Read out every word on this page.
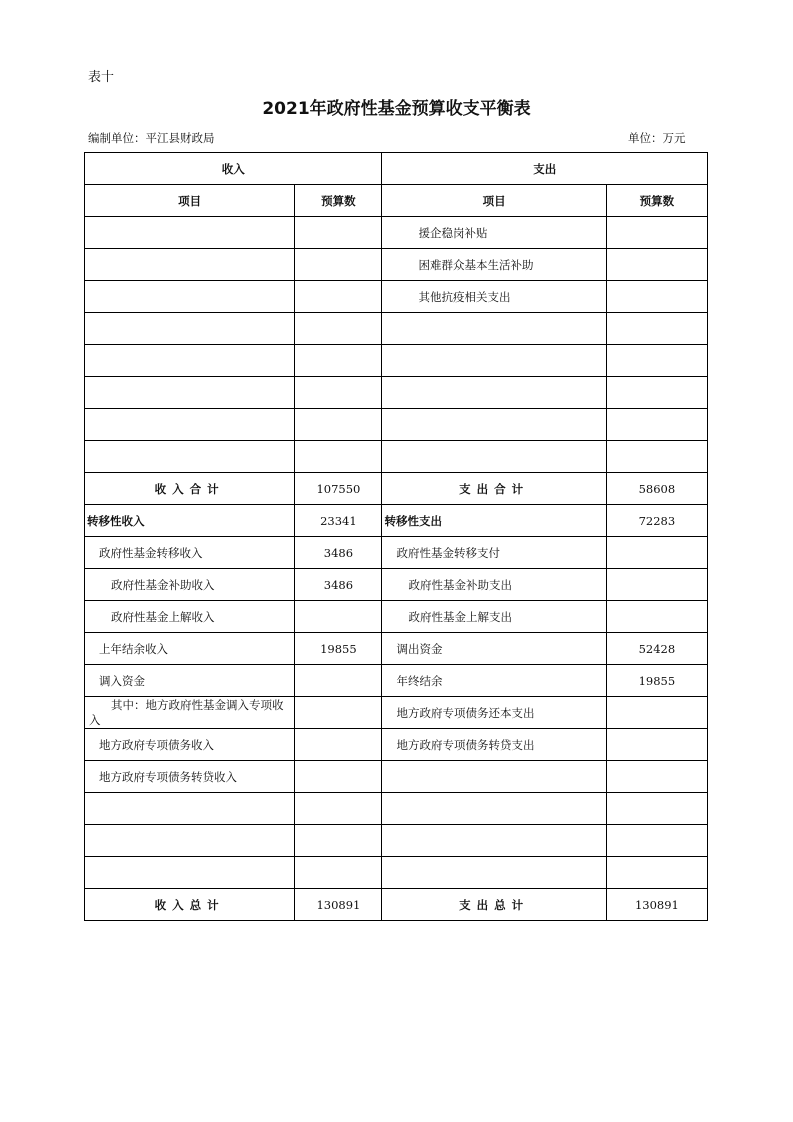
表十
2021年政府性基金预算收支平衡表
编制单位：平江县财政局	单位：万元
收入		支出	
项目	预算数	项目	预算数
		援企稳岗补贴	
		困难群众基本生活补助	
		其他抗疫相关支出	

收入合计	107550	支出合计	58608
转移性收入	23341	转移性支出	72283
政府性基金转移收入	3486	政府性基金转移支付	
政府性基金补助收入	3486	政府性基金补助支出	
政府性基金上解收入		政府性基金上解支出	
上年结余收入	19855	调出资金	52428
调入资金		年终结余	19855
其中：地方政府性基金调入专项收入		地方政府专项债务还本支出	
地方政府专项债务收入		地方政府专项债务转贷支出	
地方政府专项债务转贷收入			

收入总计	130891	支出总计	130891
